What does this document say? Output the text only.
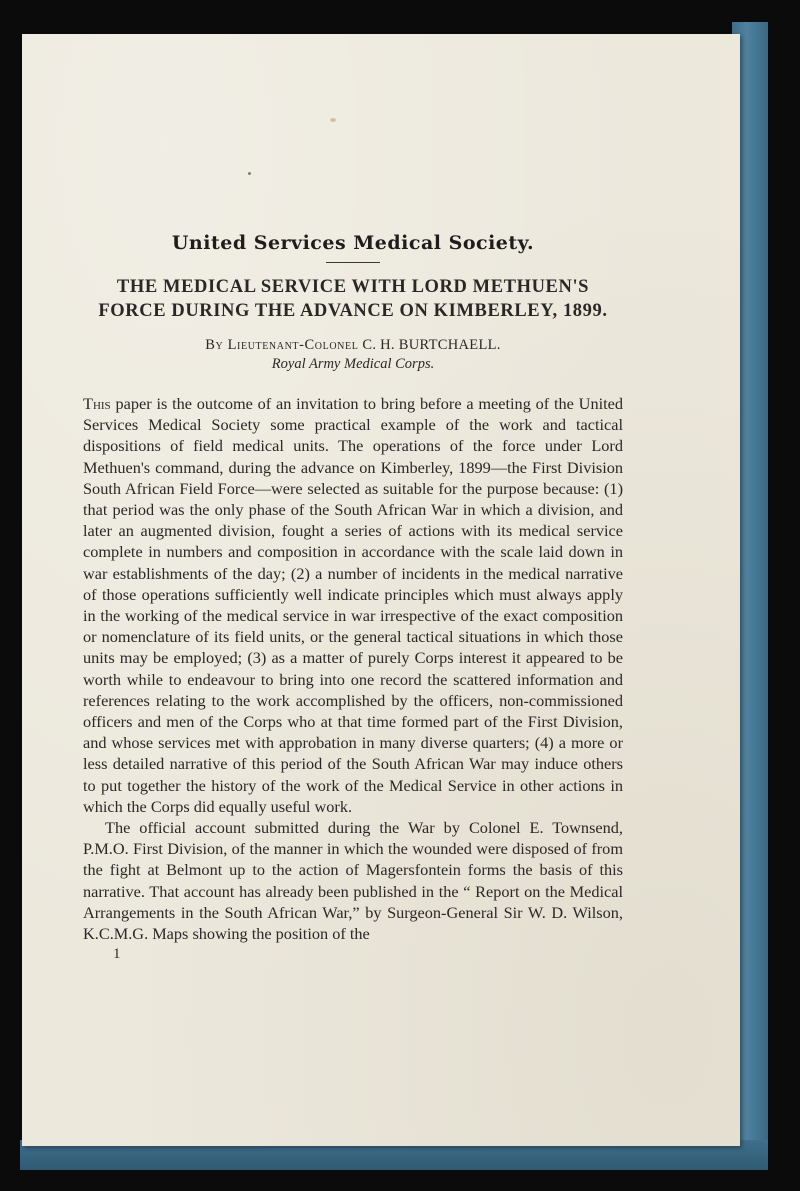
United Services Medical Society.
THE MEDICAL SERVICE WITH LORD METHUEN'S FORCE DURING THE ADVANCE ON KIMBERLEY, 1899.

By Lieutenant-Colonel C. H. BURTCHAELL.

Royal Army Medical Corps.

This paper is the outcome of an invitation to bring before a meeting of the United Services Medical Society some practical example of the work and tactical dispositions of field medical units. The operations of the force under Lord Methuen's command, during the advance on Kimberley, 1899—the First Division South African Field Force—were selected as suitable for the purpose because: (1) that period was the only phase of the South African War in which a division, and later an augmented division, fought a series of actions with its medical service complete in numbers and composition in accordance with the scale laid down in war establishments of the day; (2) a number of incidents in the medical narrative of those operations sufficiently well indicate principles which must always apply in the working of the medical service in war irrespective of the exact composition or nomenclature of its field units, or the general tactical situations in which those units may be employed; (3) as a matter of purely Corps interest it appeared to be worth while to endeavour to bring into one record the scattered information and references relating to the work accomplished by the officers, non-commissioned officers and men of the Corps who at that time formed part of the First Division, and whose services met with approbation in many diverse quarters; (4) a more or less detailed narrative of this period of the South African War may induce others to put together the history of the work of the Medical Service in other actions in which the Corps did equally useful work.

The official account submitted during the War by Colonel E. Townsend, P.M.O. First Division, of the manner in which the wounded were disposed of from the fight at Belmont up to the action of Magersfontein forms the basis of this narrative. That account has already been published in the “ Report on the Medical Arrangements in the South African War,” by Surgeon-General Sir W. D. Wilson, K.C.M.G. Maps showing the position of the

1
